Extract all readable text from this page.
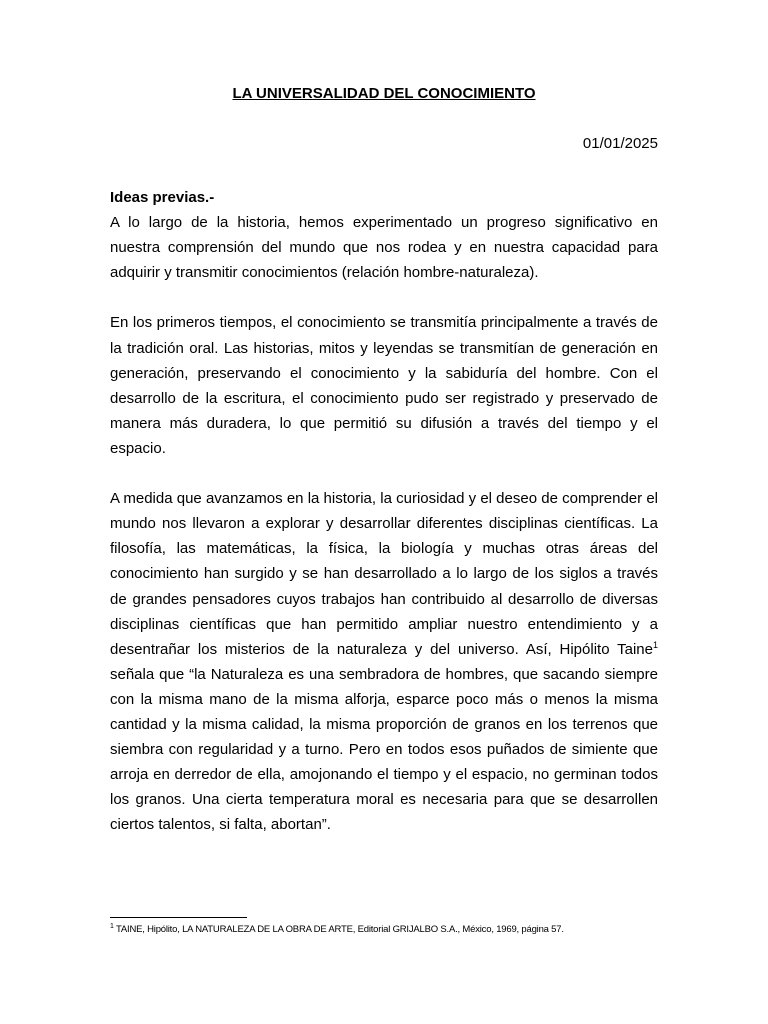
LA UNIVERSALIDAD DEL CONOCIMIENTO
01/01/2025

Ideas previas.-

A lo largo de la historia, hemos experimentado un progreso significativo en nuestra comprensión del mundo que nos rodea y en nuestra capacidad para adquirir y transmitir conocimientos (relación hombre-naturaleza).

En los primeros tiempos, el conocimiento se transmitía principalmente a través de la tradición oral. Las historias, mitos y leyendas se transmitían de generación en generación, preservando el conocimiento y la sabiduría del hombre. Con el desarrollo de la escritura, el conocimiento pudo ser registrado y preservado de manera más duradera, lo que permitió su difusión a través del tiempo y el espacio.

A medida que avanzamos en la historia, la curiosidad y el deseo de comprender el mundo nos llevaron a explorar y desarrollar diferentes disciplinas científicas. La filosofía, las matemáticas, la física, la biología y muchas otras áreas del conocimiento han surgido y se han desarrollado a lo largo de los siglos a través de grandes pensadores cuyos trabajos han contribuido al desarrollo de diversas disciplinas científicas que han permitido ampliar nuestro entendimiento y a desentrañar los misterios de la naturaleza y del universo. Así, Hipólito Taine$^1$ señala que “la Naturaleza es una sembradora de hombres, que sacando siempre con la misma mano de la misma alforja, esparce poco más o menos la misma cantidad y la misma calidad, la misma proporción de granos en los terrenos que siembra con regularidad y a turno. Pero en todos esos puñados de simiente que arroja en derredor de ella, amojonando el tiempo y el espacio, no germinan todos los granos. Una cierta temperatura moral es necesaria para que se desarrollen ciertos talentos, si falta, abortan”.

$^1$ TAINE, Hipólito, LA NATURALEZA DE LA OBRA DE ARTE, Editorial GRIJALBO S.A., México, 1969, página 57.
